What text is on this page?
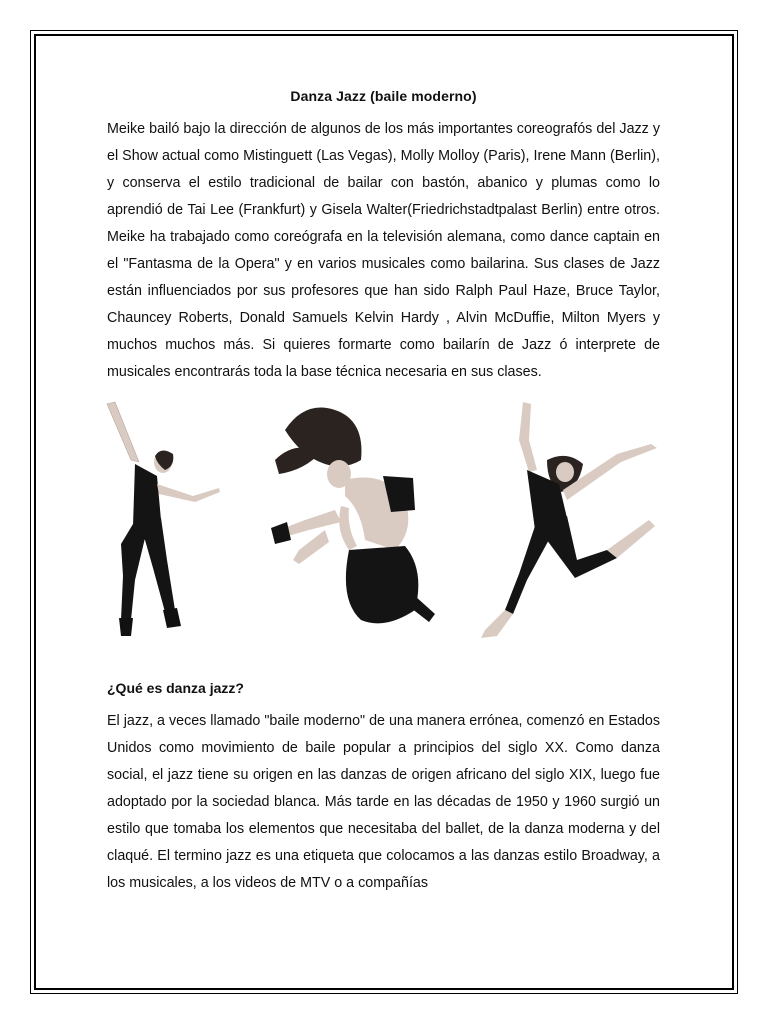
Danza Jazz (baile moderno)

Meike bailó bajo la dirección de algunos de los más importantes coreografós del Jazz y el Show actual como Mistinguett (Las Vegas), Molly Molloy (Paris), Irene Mann (Berlin), y conserva el estilo tradicional de bailar con bastón, abanico y plumas como lo aprendió de Tai Lee (Frankfurt) y Gisela Walter(Friedrichstadtpalast Berlin) entre otros. Meike ha trabajado como coreógrafa en la televisión alemana, como dance captain en el "Fantasma de la Opera" y en varios musicales como bailarina. Sus clases de Jazz están influenciados por sus profesores que han sido Ralph Paul Haze, Bruce Taylor, Chauncey Roberts, Donald Samuels Kelvin Hardy , Alvin McDuffie, Milton Myers y muchos muchos más. Si quieres formarte como bailarín de Jazz ó interprete de musicales encontrarás toda la base técnica necesaria en sus clases.

¿Qué es danza jazz?

El jazz, a veces llamado "baile moderno" de una manera errónea, comenzó en Estados Unidos como movimiento de baile popular a principios del siglo XX. Como danza social, el jazz tiene su origen en las danzas de origen africano del siglo XIX, luego fue adoptado por la sociedad blanca. Más tarde en las décadas de 1950 y 1960 surgió un estilo que tomaba los elementos que necesitaba del ballet, de la danza moderna y del claqué. El termino jazz es una etiqueta que colocamos a las danzas estilo Broadway, a los musicales, a los videos de MTV o a compañías
